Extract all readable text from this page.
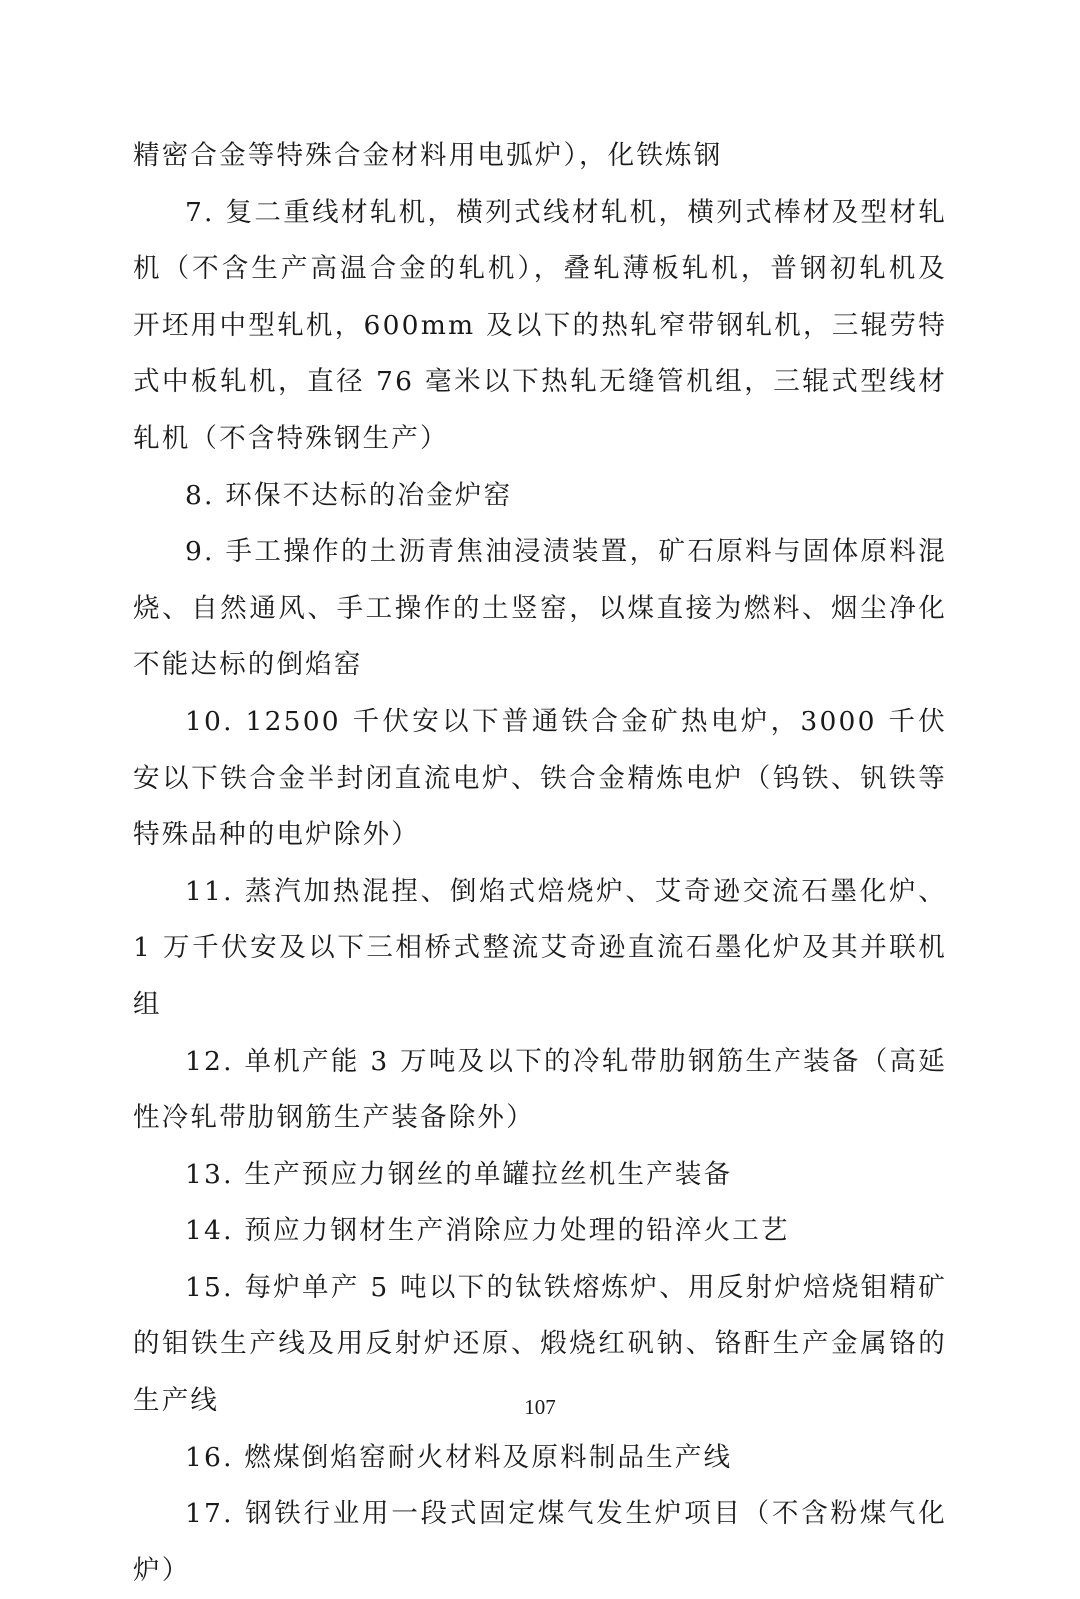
精密合金等特殊合金材料用电弧炉），化铁炼钢

7. 复二重线材轧机，横列式线材轧机，横列式棒材及型材轧机（不含生产高温合金的轧机），叠轧薄板轧机，普钢初轧机及开坯用中型轧机，600mm 及以下的热轧窄带钢轧机，三辊劳特式中板轧机，直径 76 毫米以下热轧无缝管机组，三辊式型线材轧机（不含特殊钢生产）

8. 环保不达标的冶金炉窑

9. 手工操作的土沥青焦油浸渍装置，矿石原料与固体原料混烧、自然通风、手工操作的土竖窑，以煤直接为燃料、烟尘净化不能达标的倒焰窑

10. 12500 千伏安以下普通铁合金矿热电炉，3000 千伏安以下铁合金半封闭直流电炉、铁合金精炼电炉（钨铁、钒铁等特殊品种的电炉除外）

11. 蒸汽加热混捏、倒焰式焙烧炉、艾奇逊交流石墨化炉、1 万千伏安及以下三相桥式整流艾奇逊直流石墨化炉及其并联机组

12. 单机产能 3 万吨及以下的冷轧带肋钢筋生产装备（高延性冷轧带肋钢筋生产装备除外）

13. 生产预应力钢丝的单罐拉丝机生产装备

14. 预应力钢材生产消除应力处理的铅淬火工艺

15. 每炉单产 5 吨以下的钛铁熔炼炉、用反射炉焙烧钼精矿的钼铁生产线及用反射炉还原、煅烧红矾钠、铬酐生产金属铬的生产线

16. 燃煤倒焰窑耐火材料及原料制品生产线

17. 钢铁行业用一段式固定煤气发生炉项目（不含粉煤气化炉）

107
